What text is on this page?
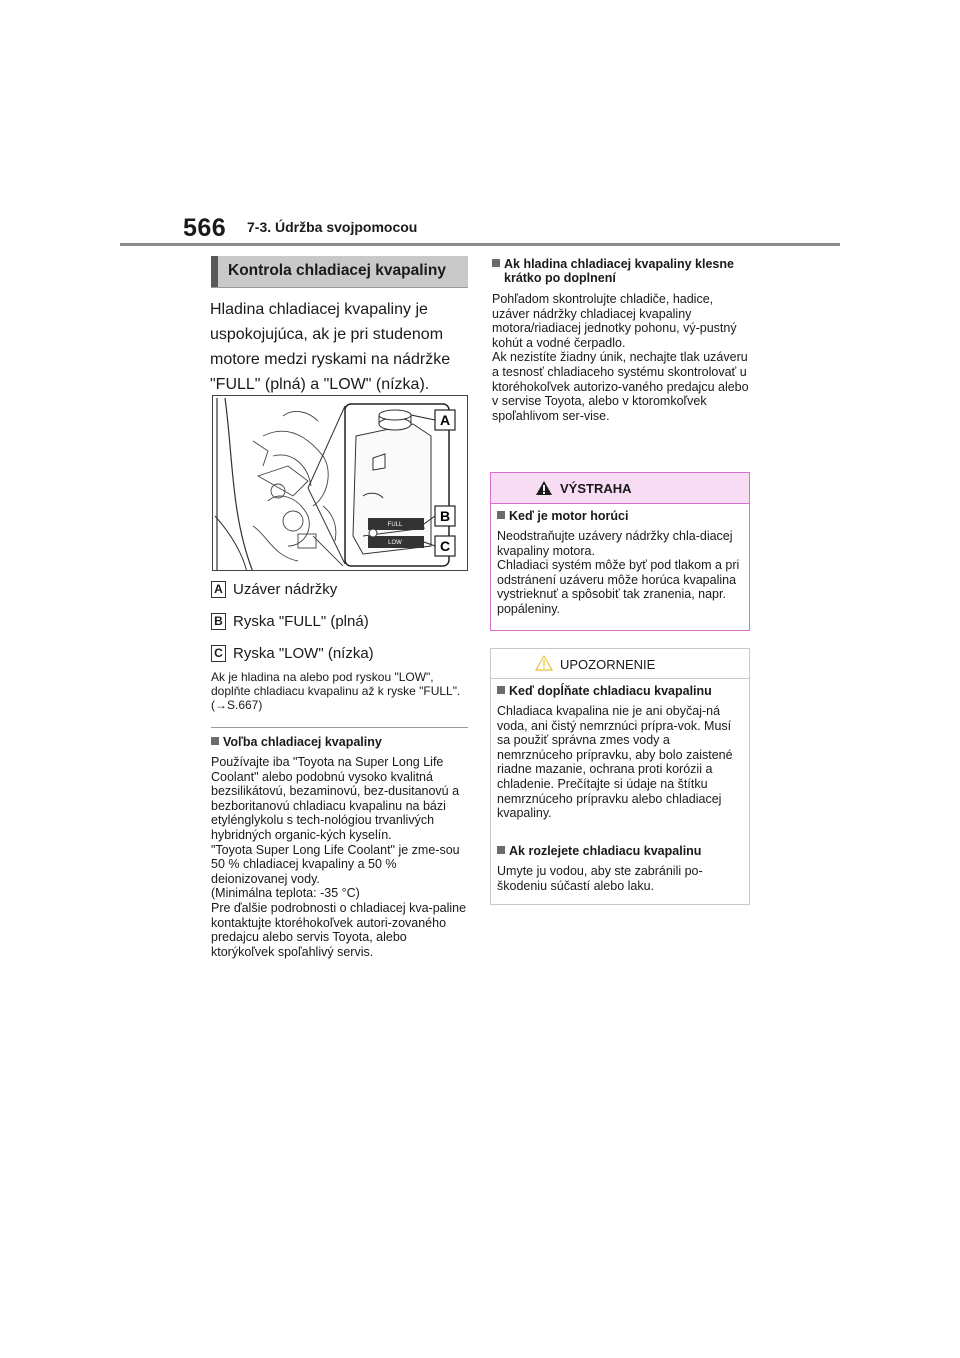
566 7-3. Údržba svojpomocou
Kontrola chladiacej kvapaliny
Hladina chladiacej kvapaliny je uspokojujúca, ak je pri studenom motore medzi ryskami na nádržke "FULL" (plná) a "LOW" (nízka).
FULL
LOW
A
B
C
A Uzáver nádržky
B Ryska "FULL" (plná)
C Ryska "LOW" (nízka)
Ak je hladina na alebo pod ryskou "LOW", doplňte chladiacu kvapalinu až k ryske "FULL". (→S.667)
Voľba chladiacej kvapaliny
Používajte iba "Toyota na Super Long Life Coolant" alebo podobnú vysoko kvalitná bezsilikátovú, bezaminovú, bez-dusitanovú a bezboritanovú chladiacu kvapalinu na bázi etylénglykolu s tech-nológiou trvanlivých hybridných organic-kých kyselín.
"Toyota Super Long Life Coolant" je zme-sou 50 % chladiacej kvapaliny a 50 % deionizovanej vody.
(Minimálna teplota: -35 °C)
Pre ďalšie podrobnosti o chladiacej kva-paline kontaktujte ktoréhokoľvek autori-zovaného predajcu alebo servis Toyota, alebo ktorýkoľvek spoľahlivý servis.
Ak hladina chladiacej kvapaliny klesne krátko po doplnení
Pohľadom skontrolujte chladiče, hadice, uzáver nádržky chladiacej kvapaliny motora/riadiacej jednotky pohonu, vý-pustný kohút a vodné čerpadlo.
Ak nezistíte žiadny únik, nechajte tlak uzáveru a tesnosť chladiaceho systému skontrolovať u ktoréhokoľvek autorizo-vaného predajcu alebo v servise Toyota, alebo v ktoromkoľvek spoľahlivom ser-vise.
VÝSTRAHA
Keď je motor horúci
Neodstraňujte uzávery nádržky chla-diacej kvapaliny motora.
Chladiaci systém môže byť pod tlakom a pri odstránení uzáveru môže horúca kvapalina vystrieknuť a spôsobiť tak zranenia, napr. popáleniny.
UPOZORNENIE
Keď dopĺňate chladiacu kvapalinu
Chladiaca kvapalina nie je ani obyčaj-ná voda, ani čistý nemrznúci prípra-vok. Musí sa použiť správna zmes vody a nemrznúceho prípravku, aby bolo zaistené riadne mazanie, ochrana proti korózii a chladenie. Prečítajte si údaje na štítku nemrznúceho prípravku alebo chladiacej kvapaliny.
Ak rozlejete chladiacu kvapalinu
Umyte ju vodou, aby ste zabránili po-škodeniu súčastí alebo laku.
